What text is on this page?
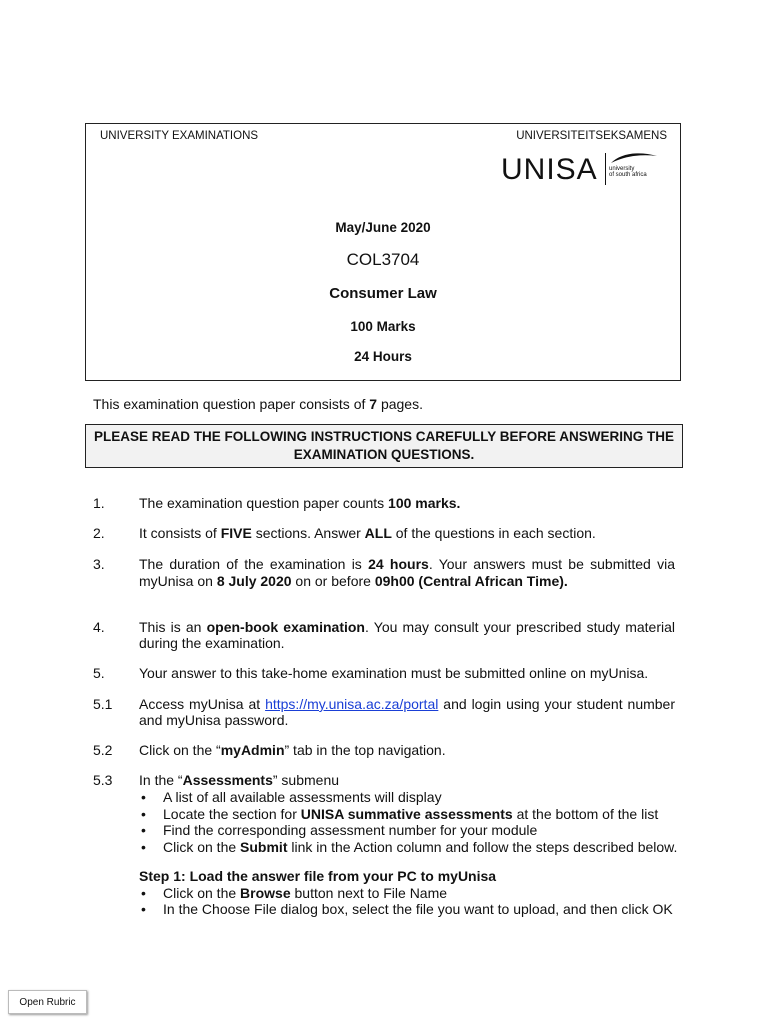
UNIVERSITY EXAMINATIONS	UNIVERSITEITSEKSAMENS
UNISA university
of south africa
May/June 2020
COL3704
Consumer Law
100 Marks
24 Hours
This examination question paper consists of 7 pages.
PLEASE READ THE FOLLOWING INSTRUCTIONS CAREFULLY BEFORE ANSWERING THE EXAMINATION QUESTIONS.
1. The examination question paper counts 100 marks.
2. It consists of FIVE sections. Answer ALL of the questions in each section.
3. The duration of the examination is 24 hours. Your answers must be submitted via myUnisa on 8 July 2020 on or before 09h00 (Central African Time).
4. This is an open-book examination. You may consult your prescribed study material during the examination.
5. Your answer to this take-home examination must be submitted online on myUnisa.
5.1 Access myUnisa at https://my.unisa.ac.za/portal and login using your student number and myUnisa password.
5.2 Click on the “myAdmin” tab in the top navigation.
5.3 In the “Assessments” submenu
• A list of all available assessments will display
• Locate the section for UNISA summative assessments at the bottom of the list
• Find the corresponding assessment number for your module
• Click on the Submit link in the Action column and follow the steps described below.
Step 1: Load the answer file from your PC to myUnisa
• Click on the Browse button next to File Name
• In the Choose File dialog box, select the file you want to upload, and then click OK
Open Rubric
